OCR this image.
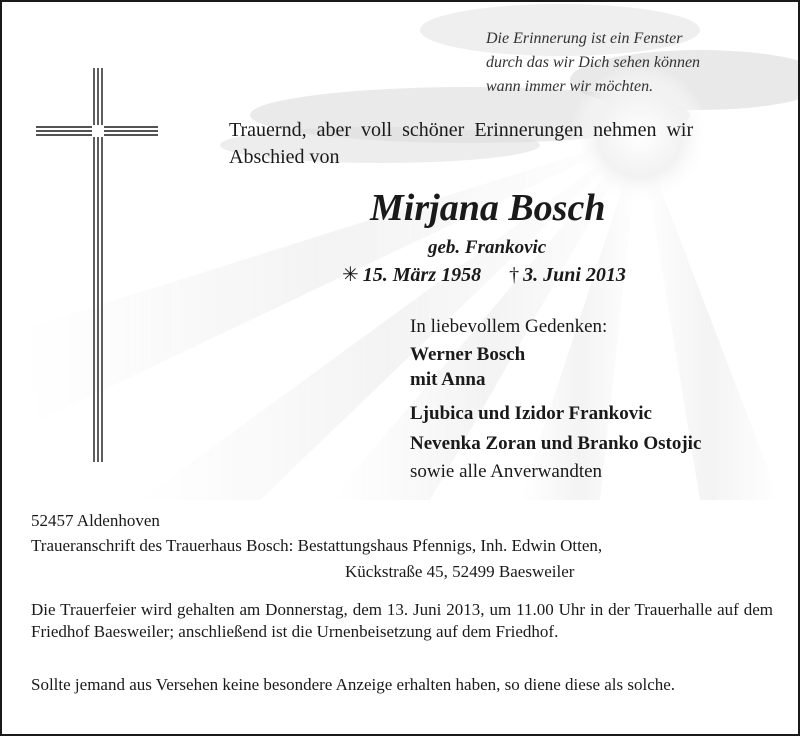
Die Erinnerung ist ein Fenster
durch das wir Dich sehen können
wann immer wir möchten.
Trauernd,  aber  voll  schöner  Erinnerungen  nehmen  wir
Abschied von
Mirjana Bosch
geb. Frankovic
✳ 15. März 1958 † 3. Juni 2013
In liebevollem Gedenken:
Werner Bosch
mit Anna
Ljubica und Izidor Frankovic
Nevenka Zoran und Branko Ostojic
sowie alle Anverwandten
52457 Aldenhoven
Traueranschrift des Trauerhaus Bosch: Bestattungshaus Pfennigs, Inh. Edwin Otten,
Kückstraße 45, 52499 Baesweiler

Die Trauerfeier wird gehalten am Donnerstag, dem 13. Juni 2013, um 11.00 Uhr in der Trauerhalle auf dem Friedhof Baesweiler; anschließend ist die Urnenbeisetzung auf dem Friedhof.

Sollte jemand aus Versehen keine besondere Anzeige erhalten haben, so diene diese als solche.
